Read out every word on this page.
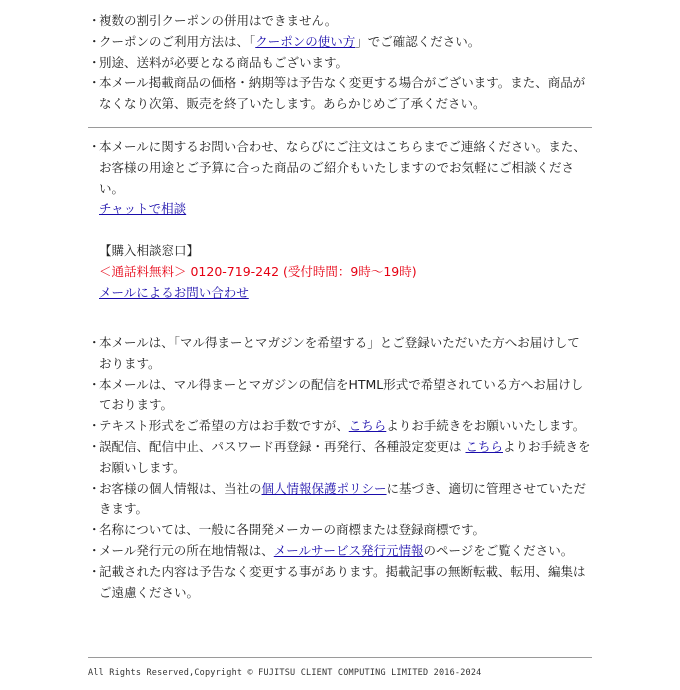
・
複数の割引クーポンの併用はできません。
・
クーポンのご利用方法は、「クーポンの使い方」でご確認ください。
・
別途、送料が必要となる商品もございます。
・
本メール掲載商品の価格・納期等は予告なく変更する場合がございます。また、商品がなくなり次第、販売を終了いたします。あらかじめご了承ください。
・
本メールに関するお問い合わせ、ならびにご注文はこちらまでご連絡ください。また、お客様の用途とご予算に合った商品のご紹介もいたしますのでお気軽にご相談ください。
チャットで相談
【購入相談窓口】
＜通話料無料＞ 0120-719-242 (受付時間：9時～19時)
メールによるお問い合わせ
・
本メールは、「マル得まーとマガジンを希望する」とご登録いただいた方へお届けしております。
・
本メールは、マル得まーとマガジンの配信をHTML形式で希望されている方へお届けしております。
・
テキスト形式をご希望の方はお手数ですが、こちらよりお手続きをお願いいたします。
・
誤配信、配信中止、パスワード再登録・再発行、各種設定変更は こちらよりお手続きをお願いします。
・
お客様の個人情報は、当社の個人情報保護ポリシーに基づき、適切に管理させていただきます。
・
名称については、一般に各開発メーカーの商標または登録商標です。
・
メール発行元の所在地情報は、メールサービス発行元情報のページをご覧ください。
・
記載された内容は予告なく変更する事があります。掲載記事の無断転載、転用、編集はご遠慮ください。
All Rights Reserved,Copyright © FUJITSU CLIENT COMPUTING LIMITED 2016-2024
